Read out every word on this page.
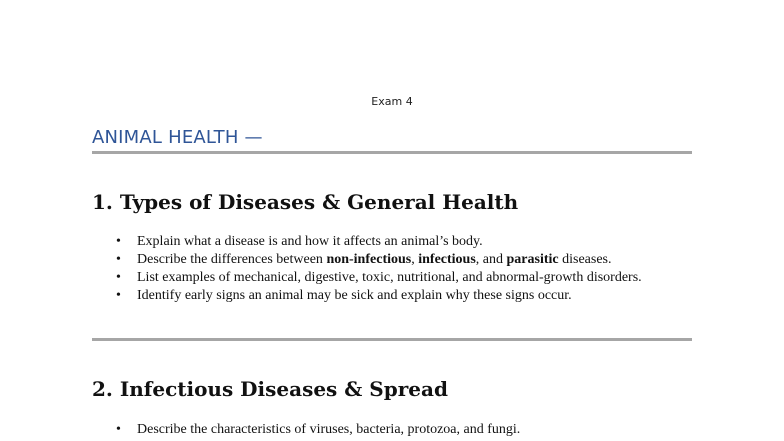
Exam 4
ANIMAL HEALTH —
1. Types of Diseases & General Health
• Explain what a disease is and how it affects an animal’s body.
• Describe the differences between non-infectious, infectious, and parasitic diseases.
• List examples of mechanical, digestive, toxic, nutritional, and abnormal-growth disorders.
• Identify early signs an animal may be sick and explain why these signs occur.
2. Infectious Diseases & Spread
• Describe the characteristics of viruses, bacteria, protozoa, and fungi.
